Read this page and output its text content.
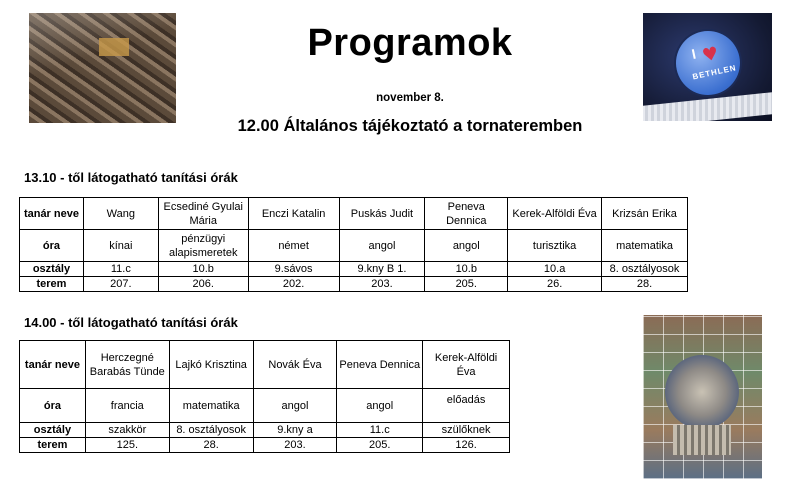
I ♥
BETHLEN
Programok
november 8.
12.00 Általános tájékoztató a tornateremben
13.10 - től látogatható tanítási órák
tanár neve	Wang	Ecsediné Gyulai Mária	Enczi Katalin	Puskás Judit	Peneva Dennica	Kerek-Alföldi Éva	Krizsán Erika
óra	kínai	pénzügyi alapismeretek	német	angol	angol	turisztika	matematika
osztály	11.c	10.b	9.sávos	9.kny B 1.	10.b	10.a	8. osztályosok
terem	207.	206.	202.	203.	205.	26.	28.
14.00 - től látogatható tanítási órák
tanár neve	Herczegné Barabás Tünde	Lajkó Krisztina	Novák Éva	Peneva Dennica	Kerek-Alföldi Éva
óra	francia	matematika	angol	angol	előadás
osztály	szakkör	8. osztályosok	9.kny a	11.c	szülőknek
terem	125.	28.	203.	205.	126.
